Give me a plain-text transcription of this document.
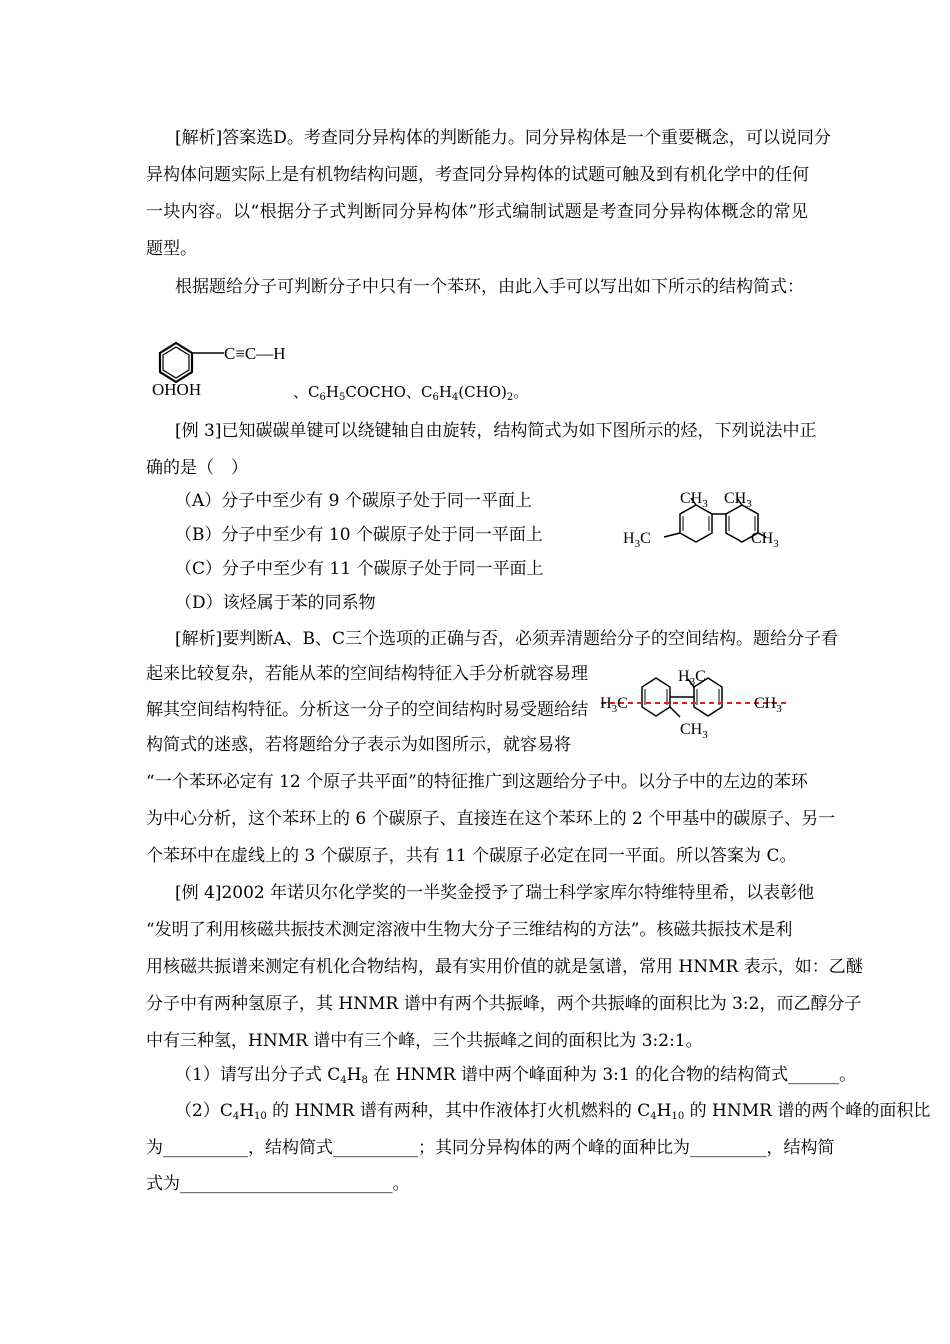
[解析]答案选D。考查同分异构体的判断能力。同分异构体是一个重要概念，可以说同分
异构体问题实际上是有机物结构问题，考查同分异构体的试题可触及到有机化学中的任何
一块内容。以“根据分子式判断同分异构体”形式编制试题是考查同分异构体概念的常见
题型。
根据题给分子可判断分子中只有一个苯环，由此入手可以写出如下所示的结构简式：
C≡C—H
OHOH	、$C_6H_5COCHO$、$C_6H_4(CHO)_2$。
[例 3]已知碳碳单键可以绕键轴自由旋转，结构简式为如下图所示的烃，下列说法中正
确的是（　）
（A）分子中至少有 9 个碳原子处于同一平面上
（B）分子中至少有 10 个碳原子处于同一平面上
（C）分子中至少有 11 个碳原子处于同一平面上
（D）该烃属于苯的同系物
$CH_3$ $CH_3$
$H_3C$	$CH_3$
[解析]要判断A、B、C三个选项的正确与否，必须弄清题给分子的空间结构。题给分子看
起来比较复杂，若能从苯的空间结构特征入手分析就容易理
解其空间结构特征。分析这一分子的空间结构时易受题给结
构简式的迷惑，若将题给分子表示为如图所示，就容易将
$H_3C$
$H_3C$
$CH_3$
$CH_3$
“一个苯环必定有 12 个原子共平面”的特征推广到这题给分子中。以分子中的左边的苯环
为中心分析，这个苯环上的 6 个碳原子、直接连在这个苯环上的 2 个甲基中的碳原子、另一
个苯环中在虚线上的 3 个碳原子，共有 11 个碳原子必定在同一平面。所以答案为 C。
[例 4]2002 年诺贝尔化学奖的一半奖金授予了瑞士科学家库尔特维特里希，以表彰他
“发明了利用核磁共振技术测定溶液中生物大分子三维结构的方法”。核磁共振技术是利
用核磁共振谱来测定有机化合物结构，最有实用价值的就是氢谱，常用 HNMR 表示，如：乙醚
分子中有两种氢原子，其 HNMR 谱中有两个共振峰，两个共振峰的面积比为 3:2，而乙醇分子
中有三种氢，HNMR 谱中有三个峰，三个共振峰之间的面积比为 3:2:1。
（1）请写出分子式 $C_4H_8$ 在 HNMR 谱中两个峰面种为 3:1 的化合物的结构简式______。
$(2)C_4H_{10}$ 的 HNMR 谱有两种，其中作液体打火机燃料的 $C_4H_{10}$ 的 HNMR 谱的两个峰的面积比
为__________，结构简式__________；其同分异构体的两个峰的面种比为_________，结构简
式为_________________________。
